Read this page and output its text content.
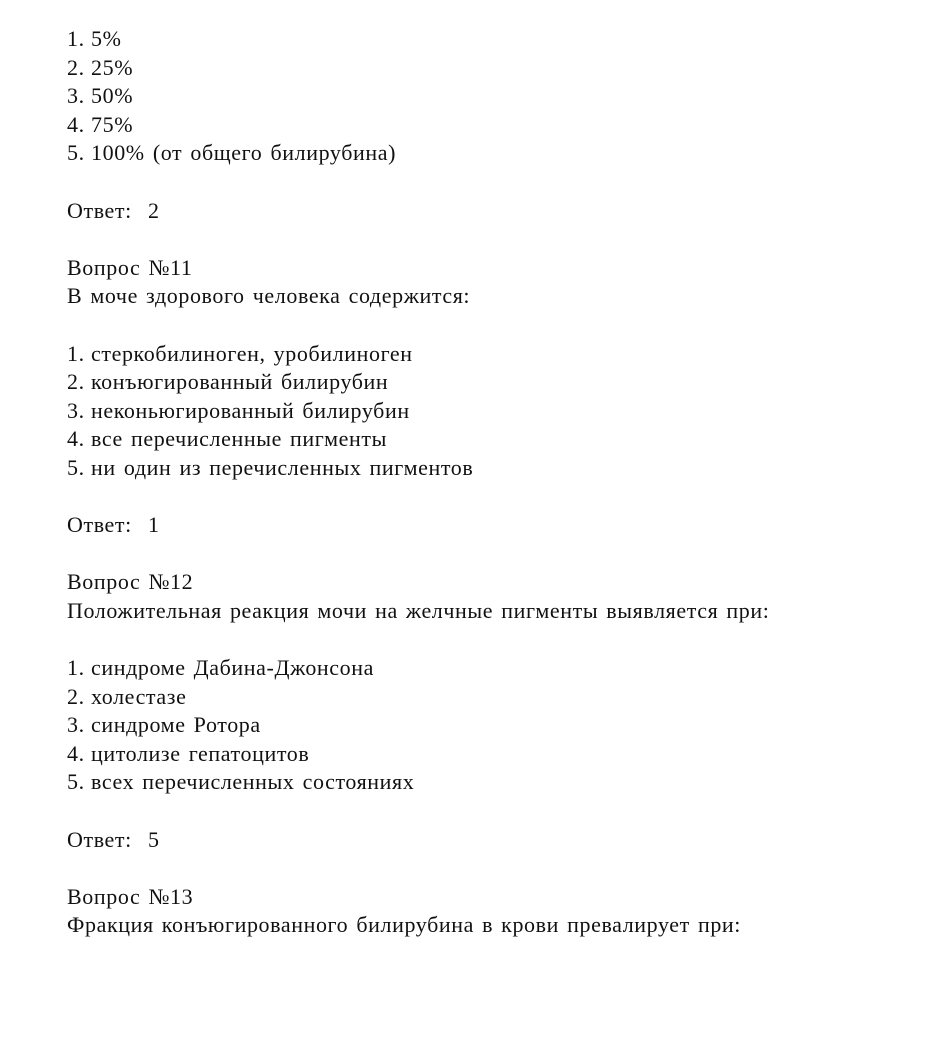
1. 5%
2. 25%
3. 50%
4. 75%
5. 100% (от общего билирубина)
Ответ:  2
Вопрос №11
В моче здорового человека содержится:
1. стеркобилиноген, уробилиноген
2. конъюгированный билирубин
3. неконьюгированный билирубин
4. все перечисленные пигменты
5. ни один из перечисленных пигментов
Ответ:  1
Вопрос №12
Положительная реакция мочи на желчные пигменты выявляется при:
1. синдроме Дабина-Джонсона
2. холестазе
3. синдроме Ротора
4. цитолизе гепатоцитов
5. всех перечисленных состояниях
Ответ:  5
Вопрос №13
Фракция конъюгированного билирубина в крови превалирует при:
